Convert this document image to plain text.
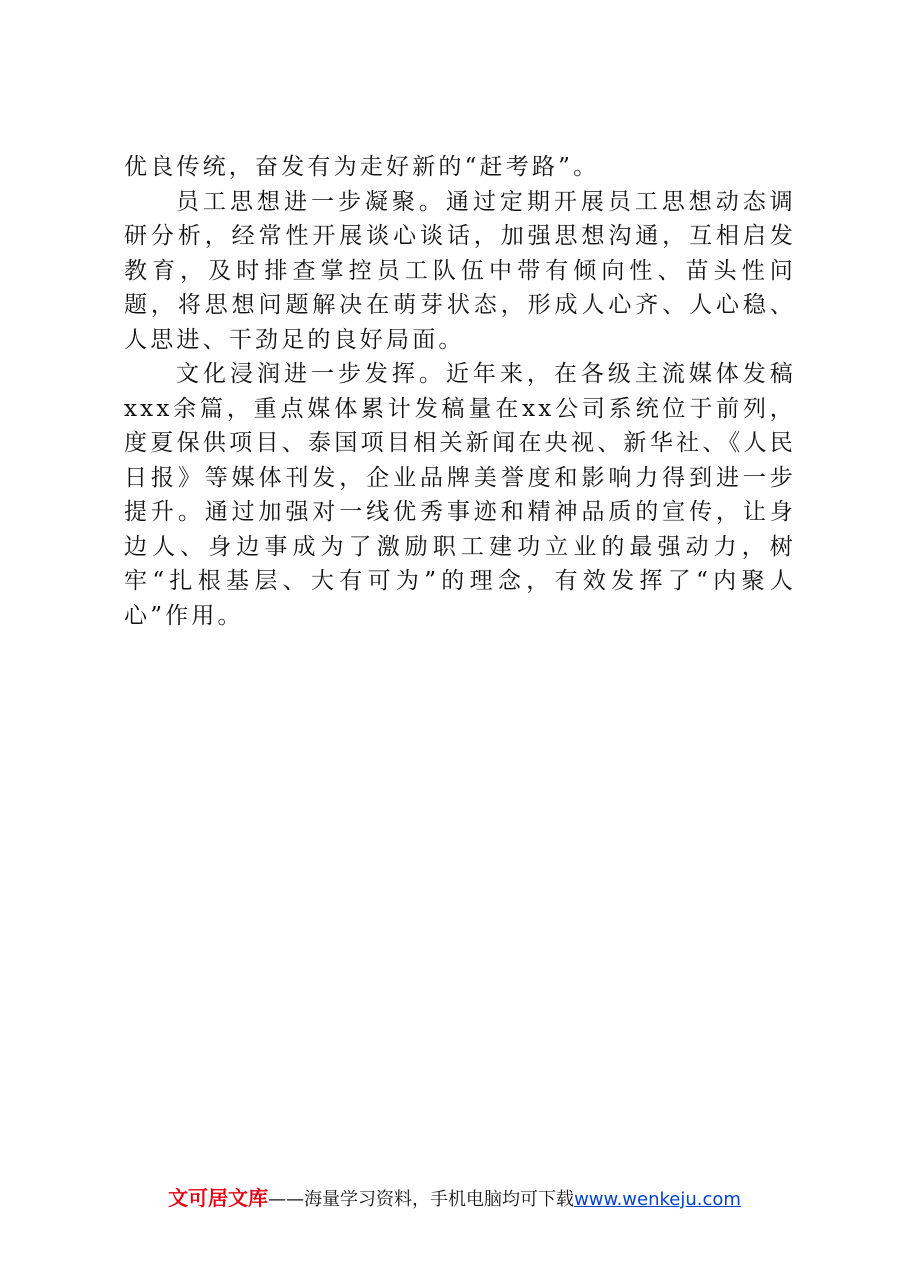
优良传统，奋发有为走好新的“赶考路”。

员工思想进一步凝聚。通过定期开展员工思想动态调研分析，经常性开展谈心谈话，加强思想沟通，互相启发教育，及时排查掌控员工队伍中带有倾向性、苗头性问题，将思想问题解决在萌芽状态，形成人心齐、人心稳、人思进、干劲足的良好局面。

文化浸润进一步发挥。近年来，在各级主流媒体发稿xxx余篇，重点媒体累计发稿量在xx公司系统位于前列，度夏保供项目、泰国项目相关新闻在央视、新华社、《人民日报》等媒体刊发，企业品牌美誉度和影响力得到进一步提升。通过加强对一线优秀事迹和精神品质的宣传，让身边人、身边事成为了激励职工建功立业的最强动力，树牢“扎根基层、大有可为”的理念，有效发挥了“内聚人心”作用。

文可居文库——海量学习资料，手机电脑均可下载www.wenkeju.com
